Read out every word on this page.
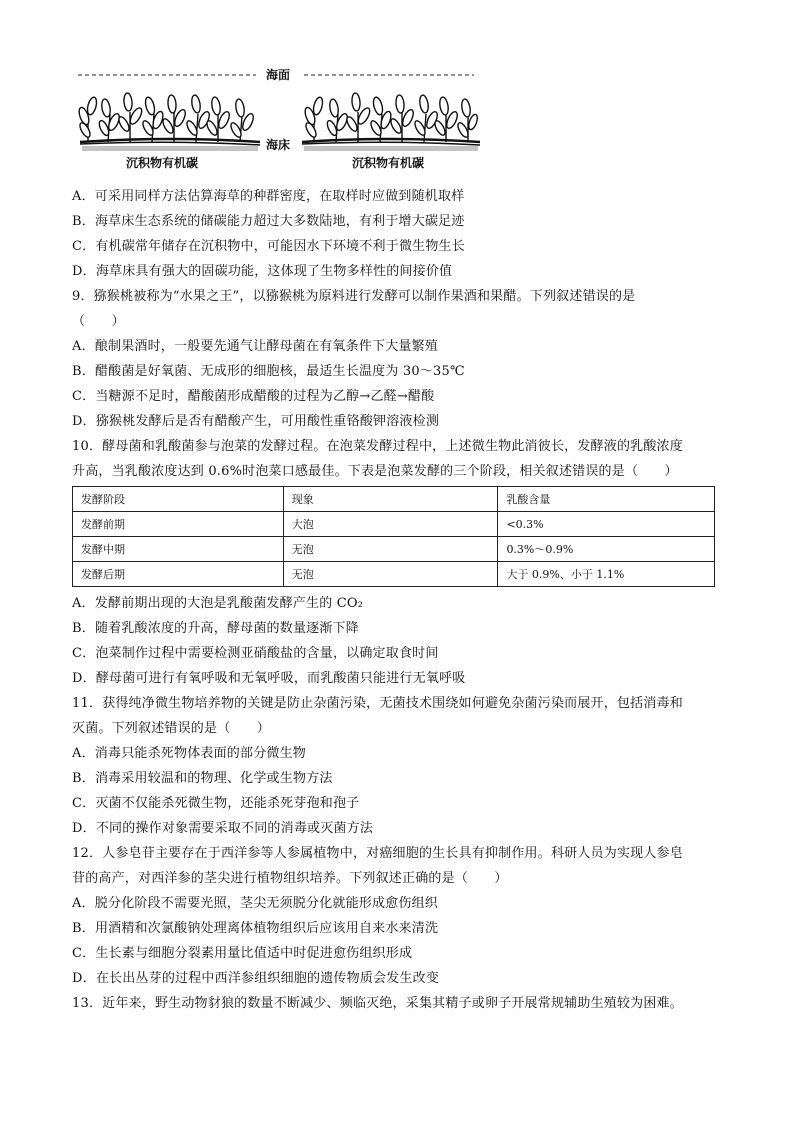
海面
海床
沉积物有机碳	沉积物有机碳
A．可采用同样方法估算海草的种群密度，在取样时应做到随机取样
B．海草床生态系统的储碳能力超过大多数陆地，有利于增大碳足迹
C．有机碳常年储存在沉积物中，可能因水下环境不利于微生物生长
D．海草床具有强大的固碳功能，这体现了生物多样性的间接价值
9．猕猴桃被称为“水果之王”，以猕猴桃为原料进行发酵可以制作果酒和果醋。下列叙述错误的是
（　　）
A．酿制果酒时，一般要先通气让酵母菌在有氧条件下大量繁殖
B．醋酸菌是好氧菌、无成形的细胞核，最适生长温度为 30～35℃
C．当糖源不足时，醋酸菌形成醋酸的过程为乙醇→乙醛→醋酸
D．猕猴桃发酵后是否有醋酸产生，可用酸性重铬酸钾溶液检测
10．酵母菌和乳酸菌参与泡菜的发酵过程。在泡菜发酵过程中，上述微生物此消彼长，发酵液的乳酸浓度
升高，当乳酸浓度达到 0.6%时泡菜口感最佳。下表是泡菜发酵的三个阶段，相关叙述错误的是（　　）
发酵阶段	现象	乳酸含量
发酵前期	大泡	<0.3%
发酵中期	无泡	0.3%～0.9%
发酵后期	无泡	大于 0.9%、小于 1.1%
A．发酵前期出现的大泡是乳酸菌发酵产生的 CO₂
B．随着乳酸浓度的升高，酵母菌的数量逐渐下降
C．泡菜制作过程中需要检测亚硝酸盐的含量，以确定取食时间
D．酵母菌可进行有氧呼吸和无氧呼吸，而乳酸菌只能进行无氧呼吸
11．获得纯净微生物培养物的关键是防止杂菌污染，无菌技术围绕如何避免杂菌污染而展开，包括消毒和
灭菌。下列叙述错误的是（　　）
A．消毒只能杀死物体表面的部分微生物
B．消毒采用较温和的物理、化学或生物方法
C．灭菌不仅能杀死微生物，还能杀死芽孢和孢子
D．不同的操作对象需要采取不同的消毒或灭菌方法
12．人参皂苷主要存在于西洋参等人参属植物中，对癌细胞的生长具有抑制作用。科研人员为实现人参皂
苷的高产，对西洋参的茎尖进行植物组织培养。下列叙述正确的是（　　）
A．脱分化阶段不需要光照，茎尖无须脱分化就能形成愈伤组织
B．用酒精和次氯酸钠处理离体植物组织后应该用自来水来清洗
C．生长素与细胞分裂素用量比值适中时促进愈伤组织形成
D．在长出丛芽的过程中西洋参组织细胞的遗传物质会发生改变
13．近年来，野生动物豺狼的数量不断减少、频临灭绝，采集其精子或卵子开展常规辅助生殖较为困难。
